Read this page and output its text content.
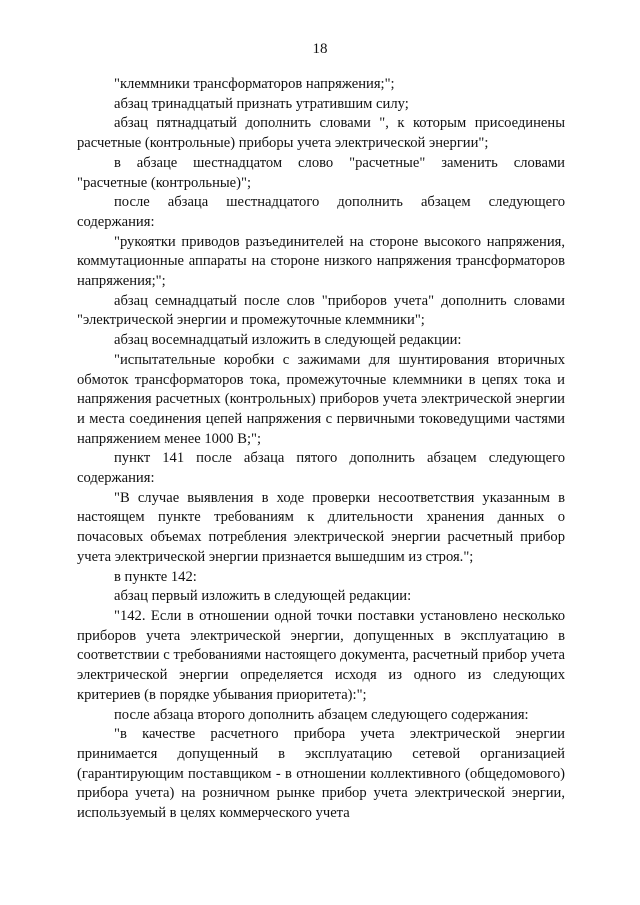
18

"клеммники трансформаторов напряжения;";

абзац тринадцатый признать утратившим силу;

абзац пятнадцатый дополнить словами ", к которым присоединены расчетные (контрольные) приборы учета электрической энергии";

в абзаце шестнадцатом слово "расчетные" заменить словами "расчетные (контрольные)";

после абзаца шестнадцатого дополнить абзацем следующего содержания:

"рукоятки приводов разъединителей на стороне высокого напряжения, коммутационные аппараты на стороне низкого напряжения трансформаторов напряжения;";

абзац семнадцатый после слов "приборов учета" дополнить словами "электрической энергии и промежуточные клеммники";

абзац восемнадцатый изложить в следующей редакции:

"испытательные коробки с зажимами для шунтирования вторичных обмоток трансформаторов тока, промежуточные клеммники в цепях тока и напряжения расчетных (контрольных) приборов учета электрической энергии и места соединения цепей напряжения с первичными токоведущими частями напряжением менее 1000 В;";

пункт 141 после абзаца пятого дополнить абзацем следующего содержания:

"В случае выявления в ходе проверки несоответствия указанным в настоящем пункте требованиям к длительности хранения данных о почасовых объемах потребления электрической энергии расчетный прибор учета электрической энергии признается вышедшим из строя.";

в пункте 142:

абзац первый изложить в следующей редакции:

"142. Если в отношении одной точки поставки установлено несколько приборов учета электрической энергии, допущенных в эксплуатацию в соответствии с требованиями настоящего документа, расчетный прибор учета электрической энергии определяется исходя из одного из следующих критериев (в порядке убывания приоритета):";

после абзаца второго дополнить абзацем следующего содержания:

"в качестве расчетного прибора учета электрической энергии принимается допущенный в эксплуатацию сетевой организацией (гарантирующим поставщиком - в отношении коллективного (общедомового) прибора учета) на розничном рынке прибор учета электрической энергии, используемый в целях коммерческого учета
